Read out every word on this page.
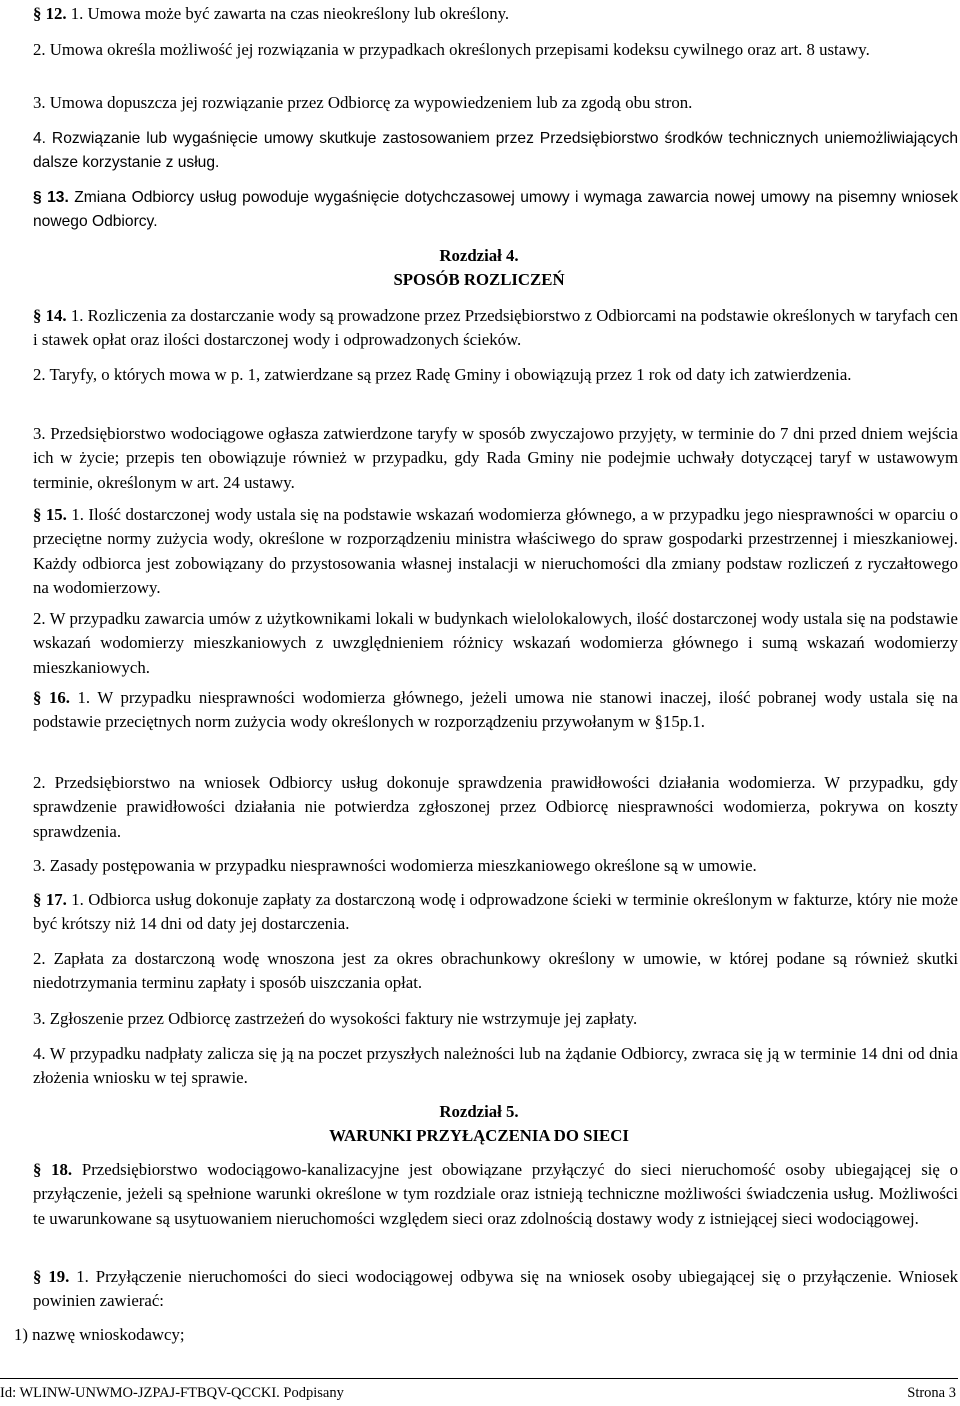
§ 12. 1. Umowa może być zawarta na czas nieokreślony lub określony.

2. Umowa określa możliwość jej rozwiązania w przypadkach określonych przepisami kodeksu cywilnego oraz art. 8 ustawy.

3. Umowa dopuszcza jej rozwiązanie przez Odbiorcę za wypowiedzeniem lub za zgodą obu stron.

4. Rozwiązanie lub wygaśnięcie umowy skutkuje zastosowaniem przez Przedsiębiorstwo środków technicznych uniemożliwiających dalsze korzystanie z usług.

§ 13. Zmiana Odbiorcy usług powoduje wygaśnięcie dotychczasowej umowy i wymaga zawarcia nowej umowy na pisemny wniosek nowego Odbiorcy.

Rozdział 4.

SPOSÓB ROZLICZEŃ

§ 14. 1. Rozliczenia za dostarczanie wody są prowadzone przez Przedsiębiorstwo z Odbiorcami na podstawie określonych w taryfach cen i stawek opłat oraz ilości dostarczonej wody i odprowadzonych ścieków.

2. Taryfy, o których mowa w p. 1, zatwierdzane są przez Radę Gminy i obowiązują przez 1 rok od daty ich zatwierdzenia.

3. Przedsiębiorstwo wodociągowe ogłasza zatwierdzone taryfy w sposób zwyczajowo przyjęty, w terminie do 7 dni przed dniem wejścia ich w życie; przepis ten obowiązuje również w przypadku, gdy Rada Gminy nie podejmie uchwały dotyczącej taryf w ustawowym terminie, określonym w art. 24 ustawy.

§ 15. 1. Ilość dostarczonej wody ustala się na podstawie wskazań wodomierza głównego, a w przypadku jego niesprawności w oparciu o przeciętne normy zużycia wody, określone w rozporządzeniu ministra właściwego do spraw gospodarki przestrzennej i mieszkaniowej. Każdy odbiorca jest zobowiązany do przystosowania własnej instalacji w nieruchomości dla zmiany podstaw rozliczeń z ryczałtowego na wodomierzowy.

2. W przypadku zawarcia umów z użytkownikami lokali w budynkach wielolokalowych, ilość dostarczonej wody ustala się na podstawie wskazań wodomierzy mieszkaniowych z uwzględnieniem różnicy wskazań wodomierza głównego i sumą wskazań wodomierzy mieszkaniowych.

§ 16. 1. W przypadku niesprawności wodomierza głównego, jeżeli umowa nie stanowi inaczej, ilość pobranej wody ustala się na podstawie przeciętnych norm zużycia wody określonych w rozporządzeniu przywołanym w §15p.1.

2. Przedsiębiorstwo na wniosek Odbiorcy usług dokonuje sprawdzenia prawidłowości działania wodomierza. W przypadku, gdy sprawdzenie prawidłowości działania nie potwierdza zgłoszonej przez Odbiorcę niesprawności wodomierza, pokrywa on koszty sprawdzenia.

3. Zasady postępowania w przypadku niesprawności wodomierza mieszkaniowego określone są w umowie.

§ 17. 1. Odbiorca usług dokonuje zapłaty za dostarczoną wodę i odprowadzone ścieki w terminie określonym w fakturze, który nie może być krótszy niż 14 dni od daty jej dostarczenia.

2. Zapłata za dostarczoną wodę wnoszona jest za okres obrachunkowy określony w umowie, w której podane są również skutki niedotrzymania terminu zapłaty i sposób uiszczania opłat.

3. Zgłoszenie przez Odbiorcę zastrzeżeń do wysokości faktury nie wstrzymuje jej zapłaty.

4. W przypadku nadpłaty zalicza się ją na poczet przyszłych należności lub na żądanie Odbiorcy, zwraca się ją w terminie 14 dni od dnia złożenia wniosku w tej sprawie.

Rozdział 5.

WARUNKI PRZYŁĄCZENIA DO SIECI

§ 18. Przedsiębiorstwo wodociągowo-kanalizacyjne jest obowiązane przyłączyć do sieci nieruchomość osoby ubiegającej się o przyłączenie, jeżeli są spełnione warunki określone w tym rozdziale oraz istnieją techniczne możliwości świadczenia usług. Możliwości te uwarunkowane są usytuowaniem nieruchomości względem sieci oraz zdolnością dostawy wody z istniejącej sieci wodociągowej.

§ 19. 1. Przyłączenie nieruchomości do sieci wodociągowej odbywa się na wniosek osoby ubiegającej się o przyłączenie. Wniosek powinien zawierać:

1) nazwę wnioskodawcy;

Id: WLINW-UNWMO-JZPAJ-FTBQV-QCCKI. Podpisany	Strona 3
